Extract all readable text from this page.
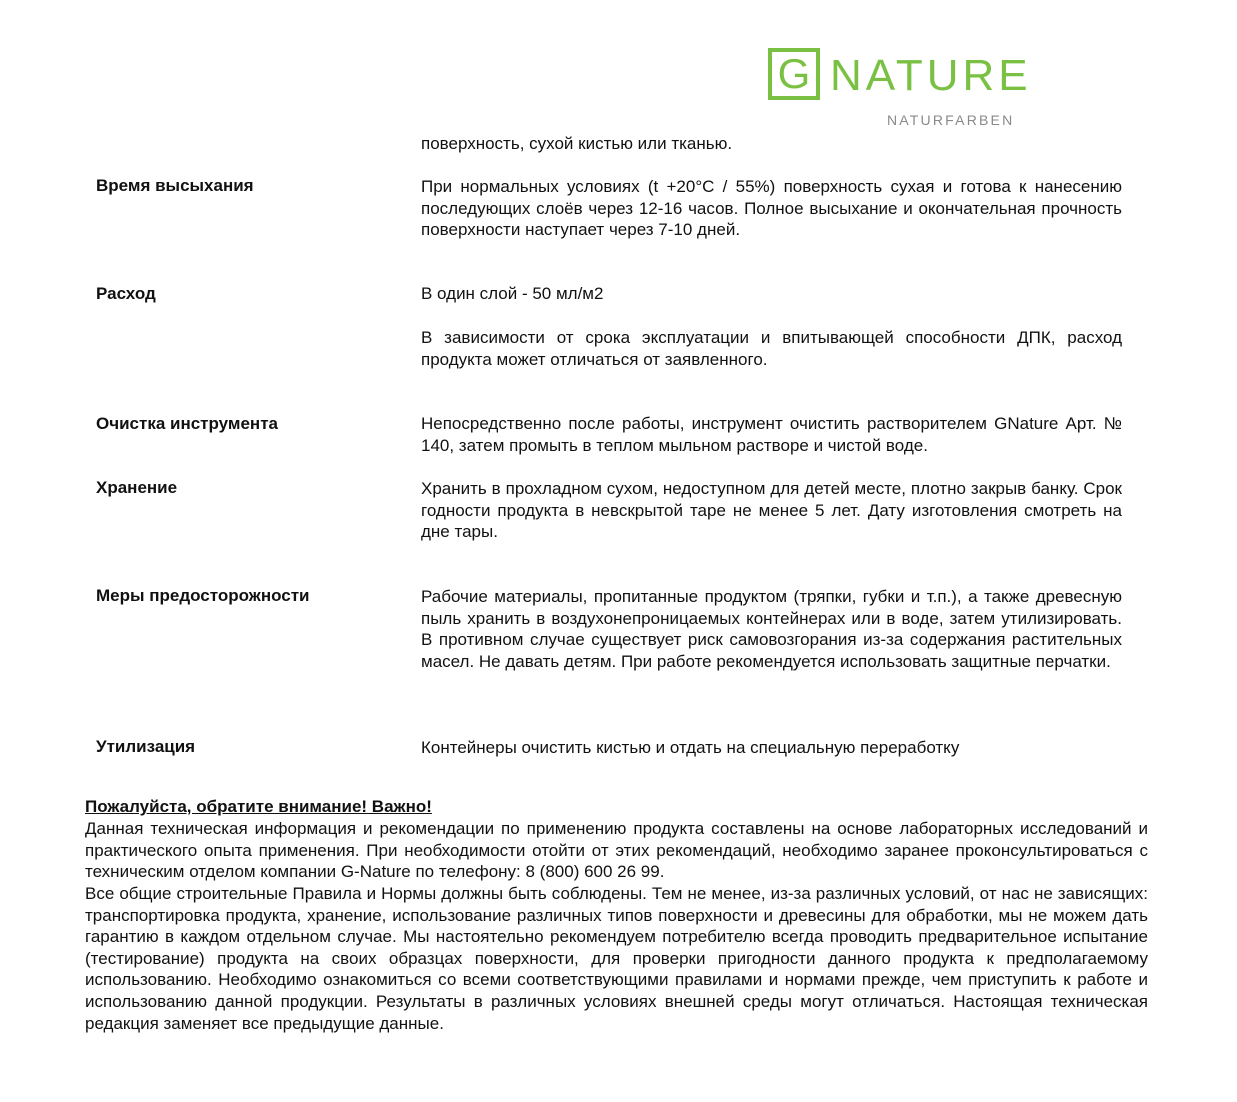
G NATURE
NATURFARBEN
поверхность, сухой кистью или тканью.
Время высыхания	При нормальных условиях (t +20°C / 55%) поверхность сухая и готова к нанесению последующих слоёв через 12-16 часов. Полное высыхание и окончательная прочность поверхности наступает через 7-10 дней.
Расход	В один слой - 50 мл/м2
В зависимости от срока эксплуатации и впитывающей способности ДПК, расход продукта может отличаться от заявленного.
Очистка инструмента	Непосредственно после работы, инструмент очистить растворителем GNature Арт. № 140, затем промыть в теплом мыльном растворе и чистой воде.
Хранение	Хранить в прохладном сухом, недоступном для детей месте, плотно закрыв банку. Срок годности продукта в невскрытой таре не менее 5 лет. Дату изготовления смотреть на дне тары.
Меры предосторожности	Рабочие материалы, пропитанные продуктом (тряпки, губки и т.п.), а также древесную пыль хранить в воздухонепроницаемых контейнерах или в воде, затем утилизировать. В противном случае существует риск самовозгорания из-за содержания растительных масел. Не давать детям. При работе рекомендуется использовать защитные перчатки.
Утилизация	Контейнеры очистить кистью и отдать на специальную переработку
Пожалуйста, обратите внимание! Важно!
Данная техническая информация и рекомендации по применению продукта составлены на основе лабораторных исследований и практического опыта применения. При необходимости отойти от этих рекомендаций, необходимо заранее проконсультироваться с техническим отделом компании G-Nature по телефону: 8 (800) 600 26 99.
Все общие строительные Правила и Нормы должны быть соблюдены. Тем не менее, из-за различных условий, от нас не зависящих: транспортировка продукта, хранение, использование различных типов поверхности и древесины для обработки, мы не можем дать гарантию в каждом отдельном случае. Мы настоятельно рекомендуем потребителю всегда проводить предварительное испытание (тестирование) продукта на своих образцах поверхности, для проверки пригодности данного продукта к предполагаемому использованию. Необходимо ознакомиться со всеми соответствующими правилами и нормами прежде, чем приступить к работе и использованию данной продукции. Результаты в различных условиях внешней среды могут отличаться. Настоящая техническая редакция заменяет все предыдущие данные.
